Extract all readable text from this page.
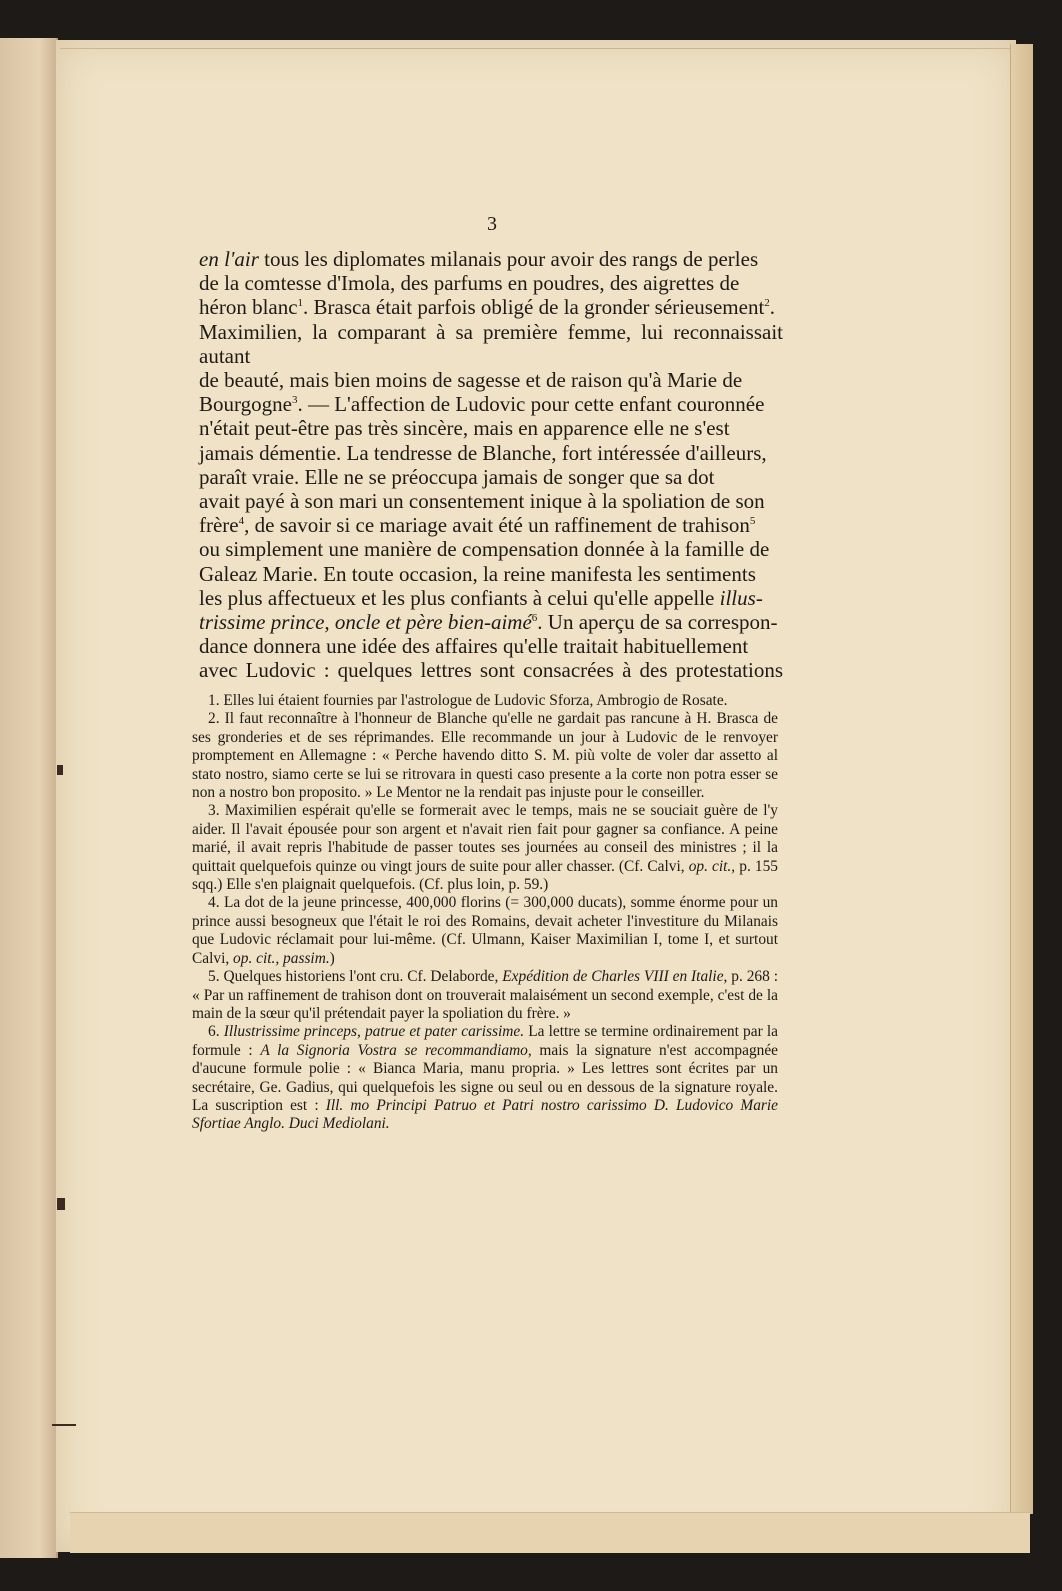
3
en l'air tous les diplomates milanais pour avoir des rangs de perles
de la comtesse d'Imola, des parfums en poudres, des aigrettes de
héron blanc$^1$. Brasca était parfois obligé de la gronder sérieusement$^2$.
Maximilien, la comparant à sa première femme, lui reconnaissait autant
de beauté, mais bien moins de sagesse et de raison qu'à Marie de
Bourgogne$^3$. — L'affection de Ludovic pour cette enfant couronnée
n'était peut-être pas très sincère, mais en apparence elle ne s'est
jamais démentie. La tendresse de Blanche, fort intéressée d'ailleurs,
paraît vraie. Elle ne se préoccupa jamais de songer que sa dot
avait payé à son mari un consentement inique à la spoliation de son
frère$^4$, de savoir si ce mariage avait été un raffinement de trahison$^5$
ou simplement une manière de compensation donnée à la famille de
Galeaz Marie. En toute occasion, la reine manifesta les sentiments
les plus affectueux et les plus confiants à celui qu'elle appelle illus-
trissime prince, oncle et père bien-aimé$^6$. Un aperçu de sa correspon-
dance donnera une idée des affaires qu'elle traitait habituellement
avec Ludovic : quelques lettres sont consacrées à des protestations

1. Elles lui étaient fournies par l'astrologue de Ludovic Sforza, Ambrogio de Rosate.

2. Il faut reconnaître à l'honneur de Blanche qu'elle ne gardait pas rancune à H. Brasca de ses gronderies et de ses réprimandes. Elle recommande un jour à Ludovic de le renvoyer promptement en Allemagne : « Perche havendo ditto S. M. più volte de voler dar assetto al stato nostro, siamo certe se lui se ritrovara in questi caso presente a la corte non potra esser se non a nostro bon proposito. » Le Mentor ne la rendait pas injuste pour le conseiller.

3. Maximilien espérait qu'elle se formerait avec le temps, mais ne se souciait guère de l'y aider. Il l'avait épousée pour son argent et n'avait rien fait pour gagner sa confiance. A peine marié, il avait repris l'habitude de passer toutes ses journées au conseil des ministres ; il la quittait quelquefois quinze ou vingt jours de suite pour aller chasser. (Cf. Calvi, op. cit., p. 155 sqq.) Elle s'en plaignait quelquefois. (Cf. plus loin, p. 59.)

4. La dot de la jeune princesse, 400,000 florins (= 300,000 ducats), somme énorme pour un prince aussi besogneux que l'était le roi des Romains, devait acheter l'investiture du Milanais que Ludovic réclamait pour lui-même. (Cf. Ulmann, Kaiser Maximilian I, tome I, et surtout Calvi, op. cit., passim.)

5. Quelques historiens l'ont cru. Cf. Delaborde, Expédition de Charles VIII en Italie, p. 268 : « Par un raffinement de trahison dont on trouverait malaisément un second exemple, c'est de la main de la sœur qu'il prétendait payer la spoliation du frère. »

6. Illustrissime princeps, patrue et pater carissime. La lettre se termine ordinairement par la formule : A la Signoria Vostra se recommandiamo, mais la signature n'est accompagnée d'aucune formule polie : « Bianca Maria, manu propria. » Les lettres sont écrites par un secrétaire, Ge. Gadius, qui quelquefois les signe ou seul ou en dessous de la signature royale. La suscription est : Ill. mo Principi Patruo et Patri nostro carissimo D. Ludovico Marie Sfortiae Anglo. Duci Mediolani.
